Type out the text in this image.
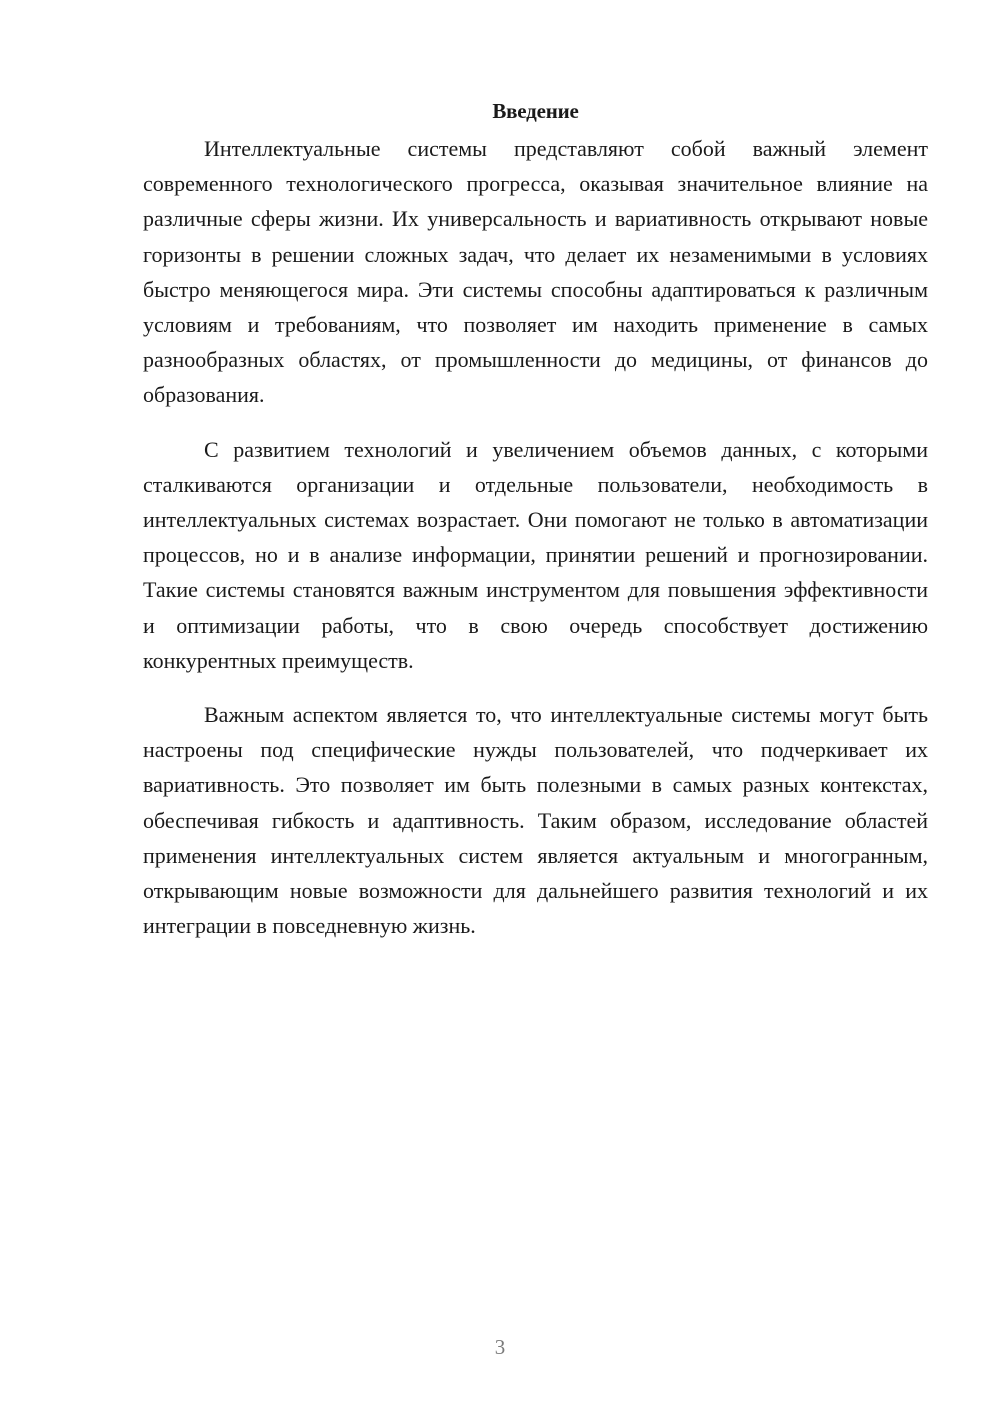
Введение

Интеллектуальные системы представляют собой важный элемент современного технологического прогресса, оказывая значительное влияние на различные сферы жизни. Их универсальность и вариативность открывают новые горизонты в решении сложных задач, что делает их незаменимыми в условиях быстро меняющегося мира. Эти системы способны адаптироваться к различным условиям и требованиям, что позволяет им находить применение в самых разнообразных областях, от промышленности до медицины, от финансов до образования.

С развитием технологий и увеличением объемов данных, с которыми сталкиваются организации и отдельные пользователи, необходимость в интеллектуальных системах возрастает. Они помогают не только в автоматизации процессов, но и в анализе информации, принятии решений и прогнозировании. Такие системы становятся важным инструментом для повышения эффективности и оптимизации работы, что в свою очередь способствует достижению конкурентных преимуществ.

Важным аспектом является то, что интеллектуальные системы могут быть настроены под специфические нужды пользователей, что подчеркивает их вариативность. Это позволяет им быть полезными в самых разных контекстах, обеспечивая гибкость и адаптивность. Таким образом, исследование областей применения интеллектуальных систем является актуальным и многогранным, открывающим новые возможности для дальнейшего развития технологий и их интеграции в повседневную жизнь.

3
